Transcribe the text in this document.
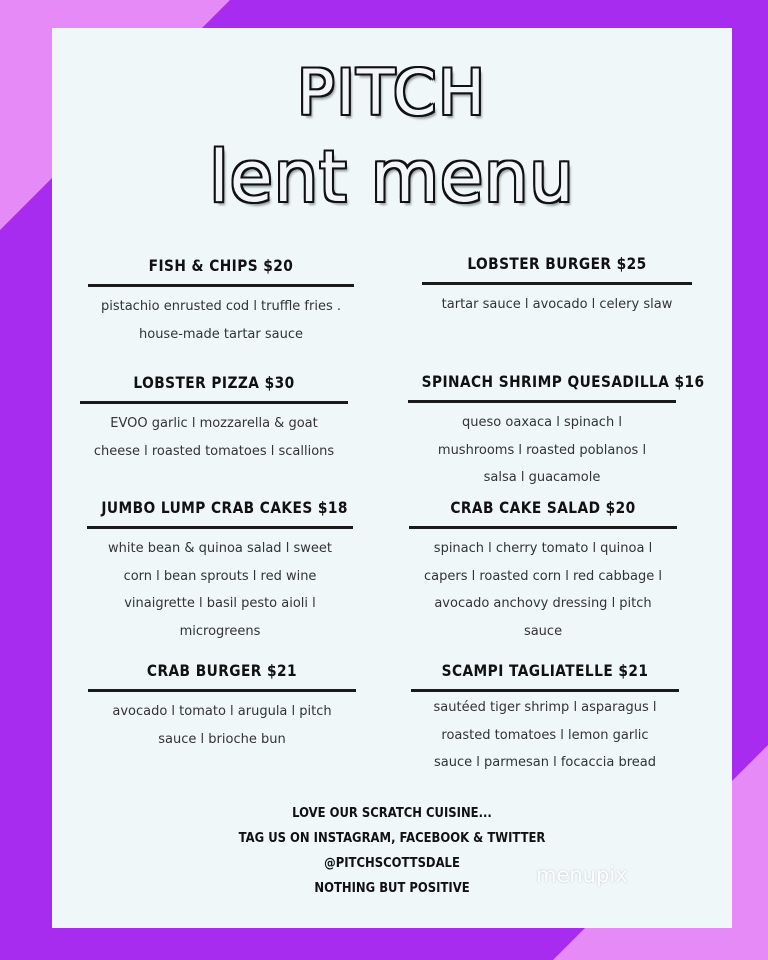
PITCH
lent menu
FISH & CHIPS $20
pistachio enrusted cod l truffle fries .
house-made tartar sauce
LOBSTER BURGER $25
tartar sauce l avocado l celery slaw
LOBSTER PIZZA $30
EVOO garlic l mozzarella & goat
cheese l roasted tomatoes l scallions
SPINACH SHRIMP QUESADILLA $16
queso oaxaca l spinach l
mushrooms l roasted poblanos l
salsa l guacamole
JUMBO LUMP CRAB CAKES $18
white bean & quinoa salad l sweet
corn l bean sprouts l red wine
vinaigrette l basil pesto aioli l
microgreens
CRAB CAKE SALAD $20
spinach l cherry tomato l quinoa l
capers l roasted corn l red cabbage l
avocado anchovy dressing l pitch
sauce
CRAB BURGER $21
avocado l tomato l arugula l pitch
sauce l brioche bun
SCAMPI TAGLIATELLE $21
sautéed tiger shrimp l asparagus l
roasted tomatoes l lemon garlic
sauce l parmesan l focaccia bread
LOVE OUR SCRATCH CUISINE...
TAG US ON INSTAGRAM, FACEBOOK & TWITTER
@PITCHSCOTTSDALE
NOTHING BUT POSITIVE
menupix
